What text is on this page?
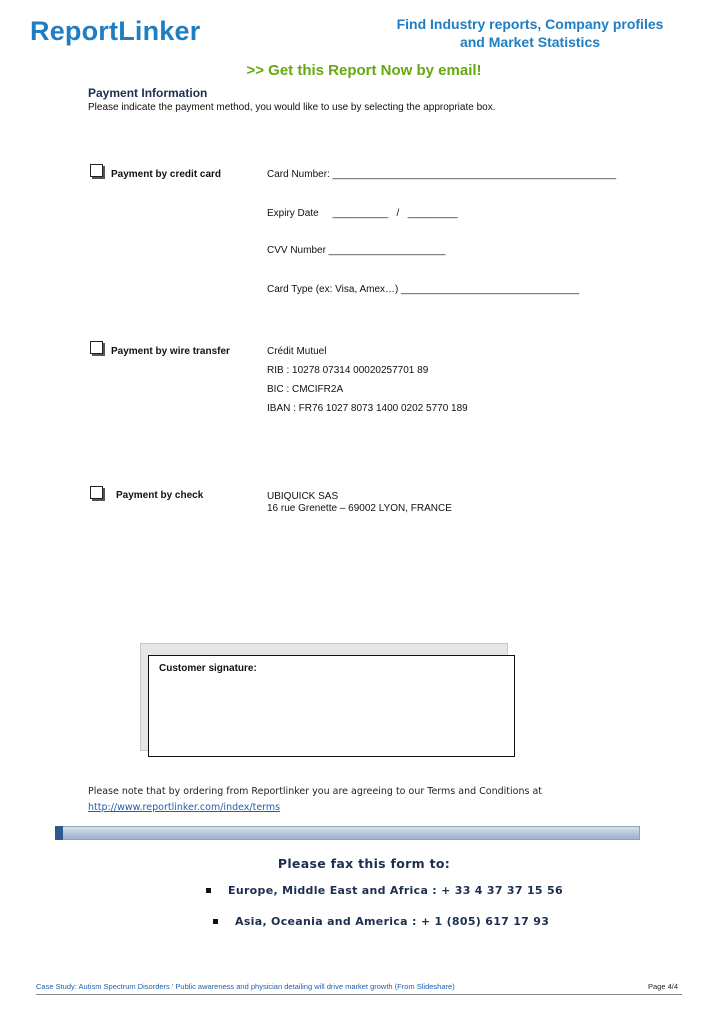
ReportLinker	Find Industry reports, Company profiles
and Market Statistics
>> Get this Report Now by email!
Payment Information
Please indicate the payment method, you would like to use by selecting the appropriate box.
Payment by credit card	Card Number: ___________________________________________________
Expiry Date     __________   /   _________
CVV Number _____________________
Card Type (ex: Visa, Amex…) ________________________________
Payment by wire transfer	Crédit Mutuel
RIB : 10278 07314 00020257701 89
BIC : CMCIFR2A
IBAN : FR76 1027 8073 1400 0202 5770 189
Payment by check	UBIQUICK SAS
16 rue Grenette – 69002 LYON, FRANCE
Customer signature:
Please note that by ordering from Reportlinker you are agreeing to our Terms and Conditions at
http://www.reportlinker.com/index/terms
Please fax this form to:
Europe, Middle East and Africa : + 33 4 37 37 15 56
Asia, Oceania and America : + 1 (805) 617 17 93
Case Study: Autism Spectrum Disorders ' Public awareness and physician detailing will drive market growth (From Slideshare)	Page 4/4
